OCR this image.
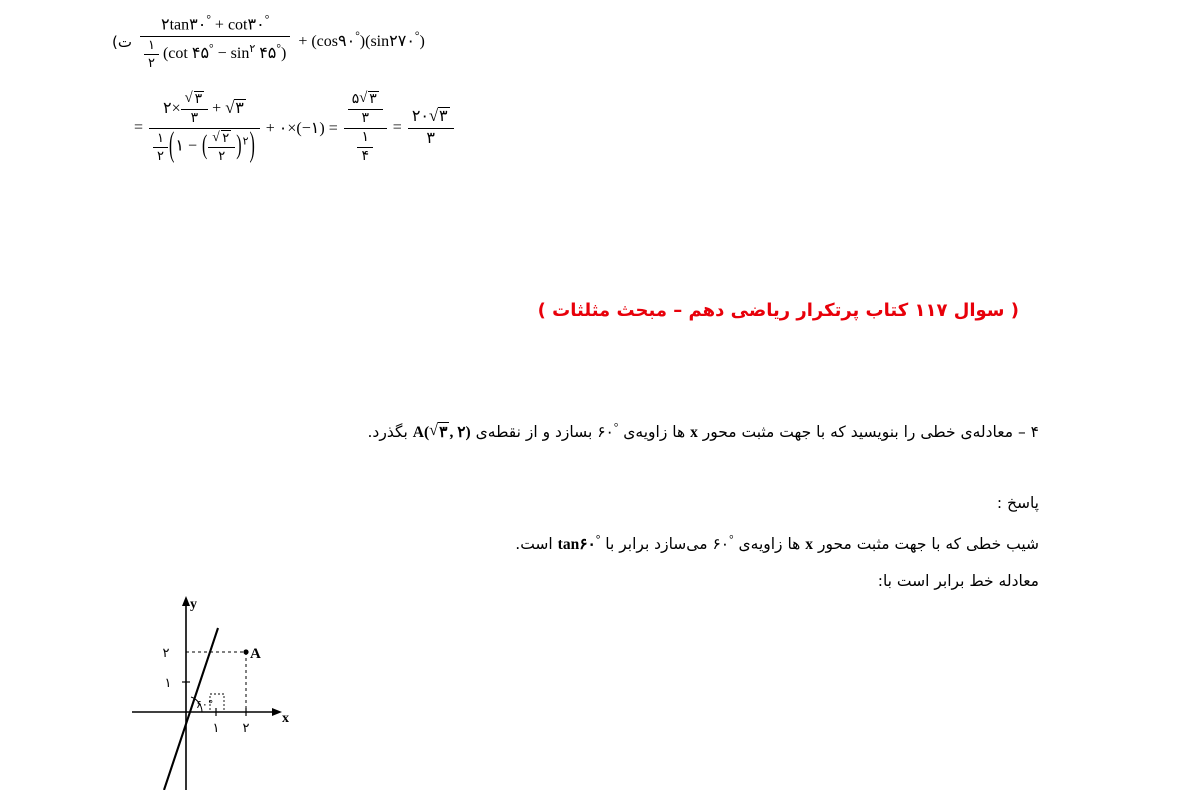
ت) $\frac{۲\tan ۳۰^\circ + \cot ۳۰^\circ}{\frac{۱}{۲} (\cot ۴۵^\circ - \sin^۲ ۴۵^\circ)}$ + (cos۹۰°)(sin۲۷۰°)
= $\frac{۲\times √ \frac{۳}{۳} + √ ۳}{\frac{۱}{۲} (۱ - ( √ \frac{۲}{۲} )^۲)}$ + ۰×(−۱) = $\frac{\frac{۵ √ ۳}{۳}}{\frac{۱}{۴}} = \frac{۲۰ √ ۳}{۳}$
( سوال ۱۱۷ کتاب پرتکرار ریاضی دهم – مبحث مثلثات )
۴ – معادله‌ی خطی را بنویسید که با جهت مثبت محور x ها زاویه‌ی ۶۰° بسازد و از نقطه‌ی A( √ ۳ , ۲) بگذرد.
پاسخ :
شیب خطی که با جهت مثبت محور x ها زاویه‌ی ۶۰° می‌سازد برابر با tan۶۰° است.
معادله خط برابر است با:
y
x
۲
۱
۱ ۲
A
۶۰°
